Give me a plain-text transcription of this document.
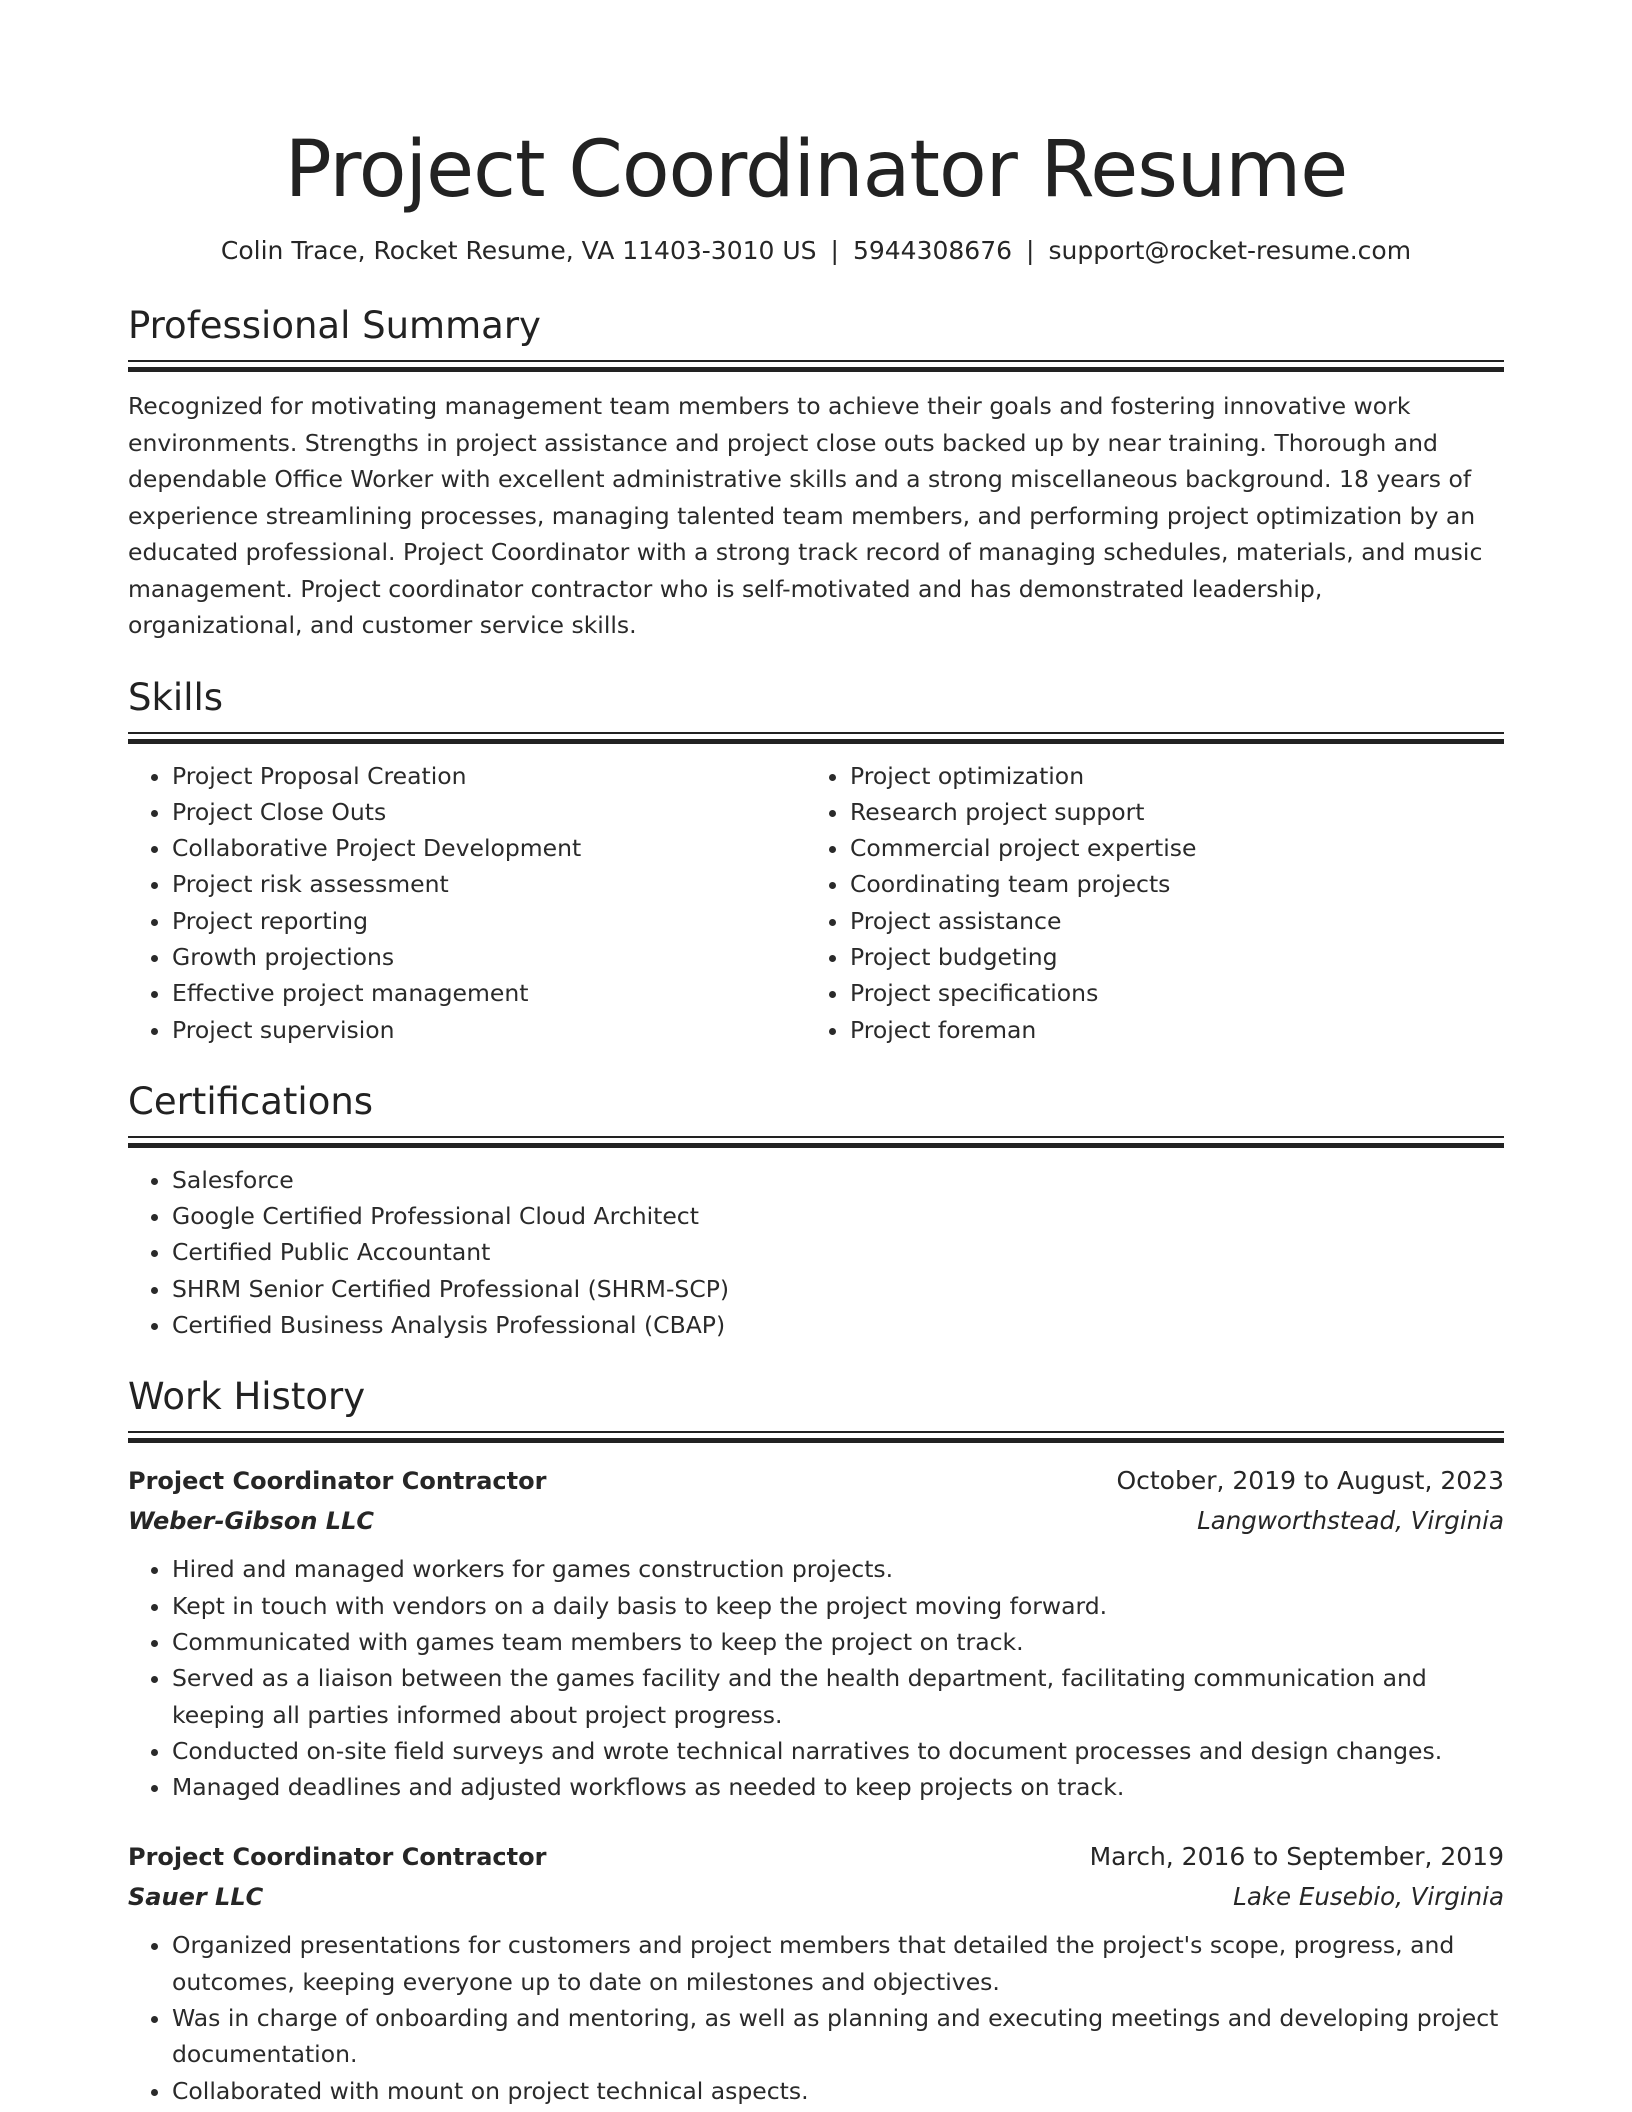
Project Coordinator Resume
Colin Trace, Rocket Resume, VA 11403-3010 US | 5944308676 | support@rocket-resume.com
Professional Summary

Recognized for motivating management team members to achieve their goals and fostering innovative work environments. Strengths in project assistance and project close outs backed up by near training. Thorough and dependable Office Worker with excellent administrative skills and a strong miscellaneous background. 18 years of experience streamlining processes, managing talented team members, and performing project optimization by an educated professional. Project Coordinator with a strong track record of managing schedules, materials, and music management. Project coordinator contractor who is self-motivated and has demonstrated leadership, organizational, and customer service skills.

Skills
• Project Proposal Creation
• Project Close Outs
• Collaborative Project Development
• Project risk assessment
• Project reporting
• Growth projections
• Effective project management
• Project supervision
• Project optimization
• Research project support
• Commercial project expertise
• Coordinating team projects
• Project assistance
• Project budgeting
• Project specifications
• Project foreman
Certifications
• Salesforce
• Google Certified Professional Cloud Architect
• Certified Public Accountant
• SHRM Senior Certified Professional (SHRM-SCP)
• Certified Business Analysis Professional (CBAP)
Work History
Project Coordinator Contractor	October, 2019 to August, 2023
Weber-Gibson LLC	Langworthstead, Virginia
• Hired and managed workers for games construction projects.
• Kept in touch with vendors on a daily basis to keep the project moving forward.
• Communicated with games team members to keep the project on track.
• Served as a liaison between the games facility and the health department, facilitating communication and keeping all parties informed about project progress.
• Conducted on-site field surveys and wrote technical narratives to document processes and design changes.
• Managed deadlines and adjusted workflows as needed to keep projects on track.
Project Coordinator Contractor	March, 2016 to September, 2019
Sauer LLC	Lake Eusebio, Virginia
• Organized presentations for customers and project members that detailed the project's scope, progress, and outcomes, keeping everyone up to date on milestones and objectives.
• Was in charge of onboarding and mentoring, as well as planning and executing meetings and developing project documentation.
• Collaborated with mount on project technical aspects.
